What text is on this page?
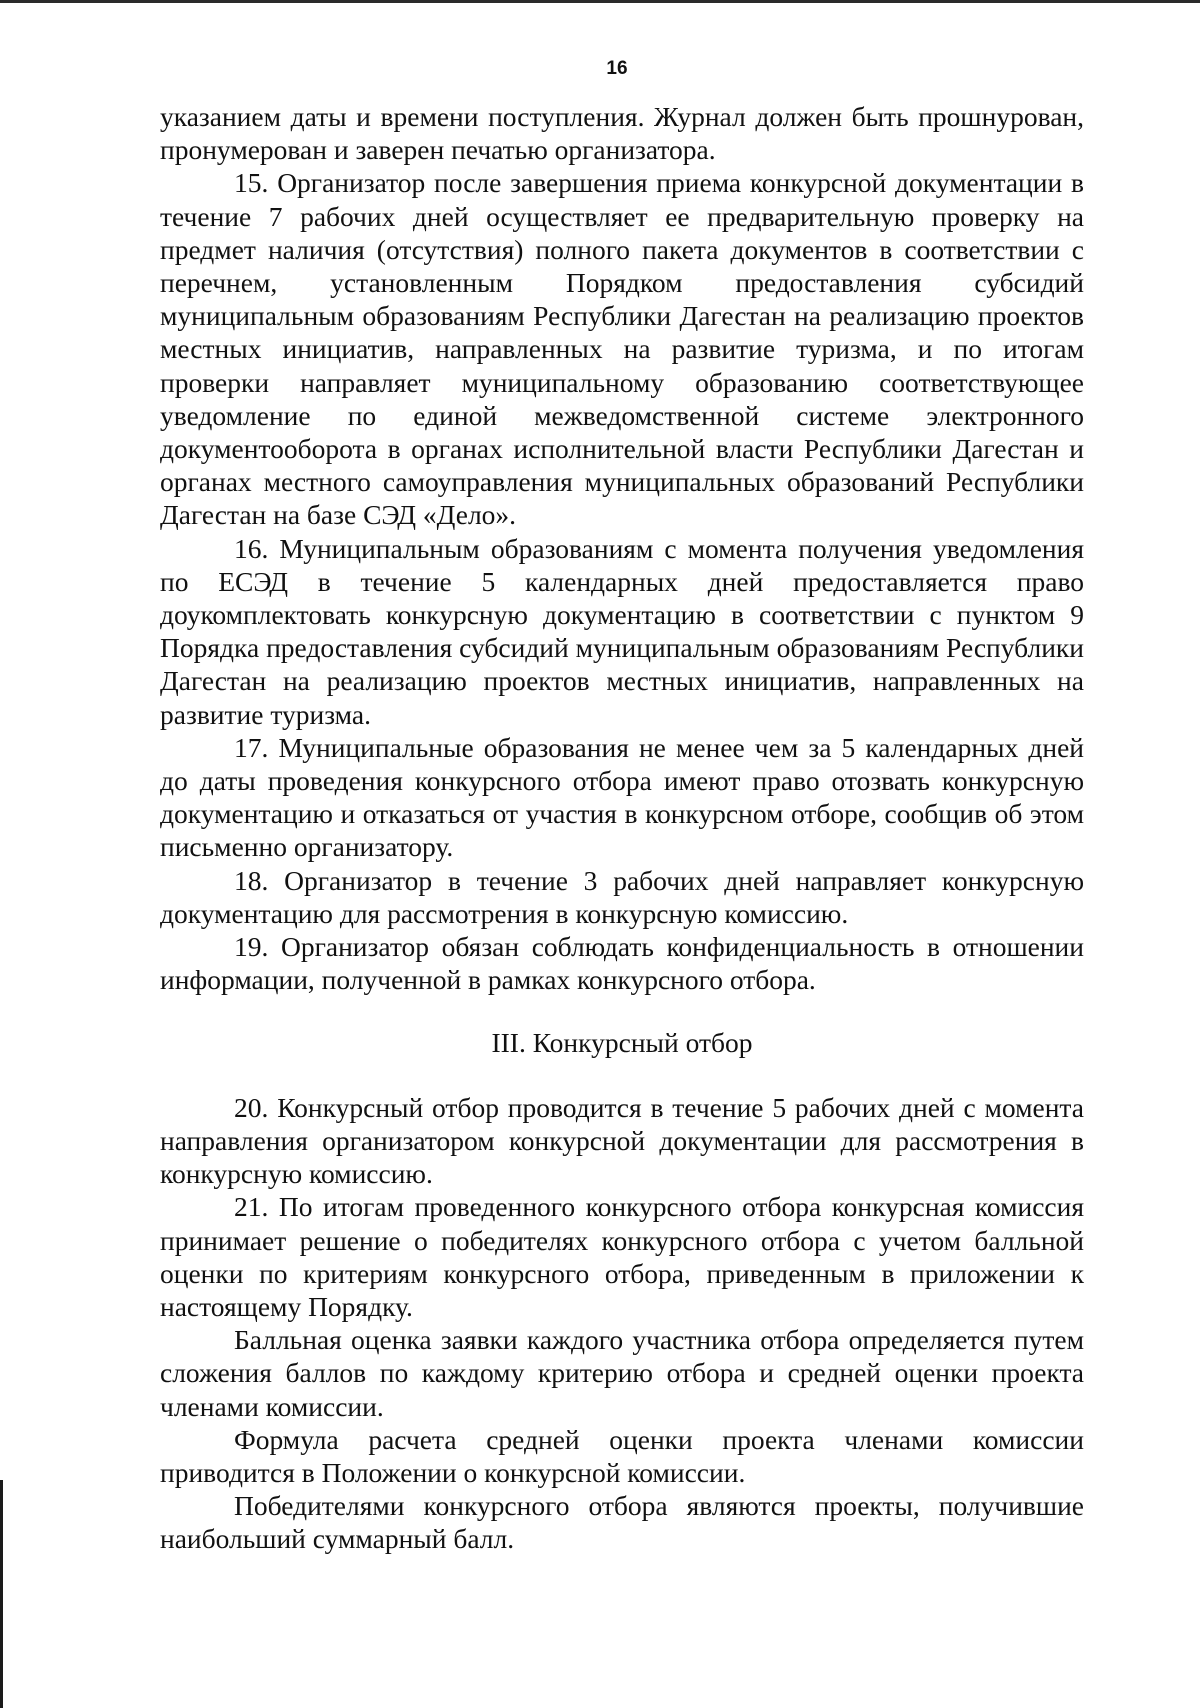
16

указанием даты и времени поступления. Журнал должен быть прошнурован, пронумерован и заверен печатью организатора.

15. Организатор после завершения приема конкурсной документации в течение 7 рабочих дней осуществляет ее предварительную проверку на предмет наличия (отсутствия) полного пакета документов в соответствии с перечнем, установленным Порядком предоставления субсидий муниципальным образованиям Республики Дагестан на реализацию проектов местных инициатив, направленных на развитие туризма, и по итогам проверки направляет муниципальному образованию соответствующее уведомление по единой межведомственной системе электронного документооборота в органах исполнительной власти Республики Дагестан и органах местного самоуправления муниципальных образований Республики Дагестан на базе СЭД «Дело».

16. Муниципальным образованиям с момента получения уведомления по ЕСЭД в течение 5 календарных дней предоставляется право доукомплектовать конкурсную документацию в соответствии с пунктом 9 Порядка предоставления субсидий муниципальным образованиям Республики Дагестан на реализацию проектов местных инициатив, направленных на развитие туризма.

17. Муниципальные образования не менее чем за 5 календарных дней до даты проведения конкурсного отбора имеют право отозвать конкурсную документацию и отказаться от участия в конкурсном отборе, сообщив об этом письменно организатору.

18. Организатор в течение 3 рабочих дней направляет конкурсную документацию для рассмотрения в конкурсную комиссию.

19. Организатор обязан соблюдать конфиденциальность в отношении информации, полученной в рамках конкурсного отбора.

III. Конкурсный отбор

20. Конкурсный отбор проводится в течение 5 рабочих дней с момента направления организатором конкурсной документации для рассмотрения в конкурсную комиссию.

21. По итогам проведенного конкурсного отбора конкурсная комиссия принимает решение о победителях конкурсного отбора с учетом балльной оценки по критериям конкурсного отбора, приведенным в приложении к настоящему Порядку.

Балльная оценка заявки каждого участника отбора определяется путем сложения баллов по каждому критерию отбора и средней оценки проекта членами комиссии.

Формула расчета средней оценки проекта членами комиссии приводится в Положении о конкурсной комиссии.

Победителями конкурсного отбора являются проекты, получившие наибольший суммарный балл.
